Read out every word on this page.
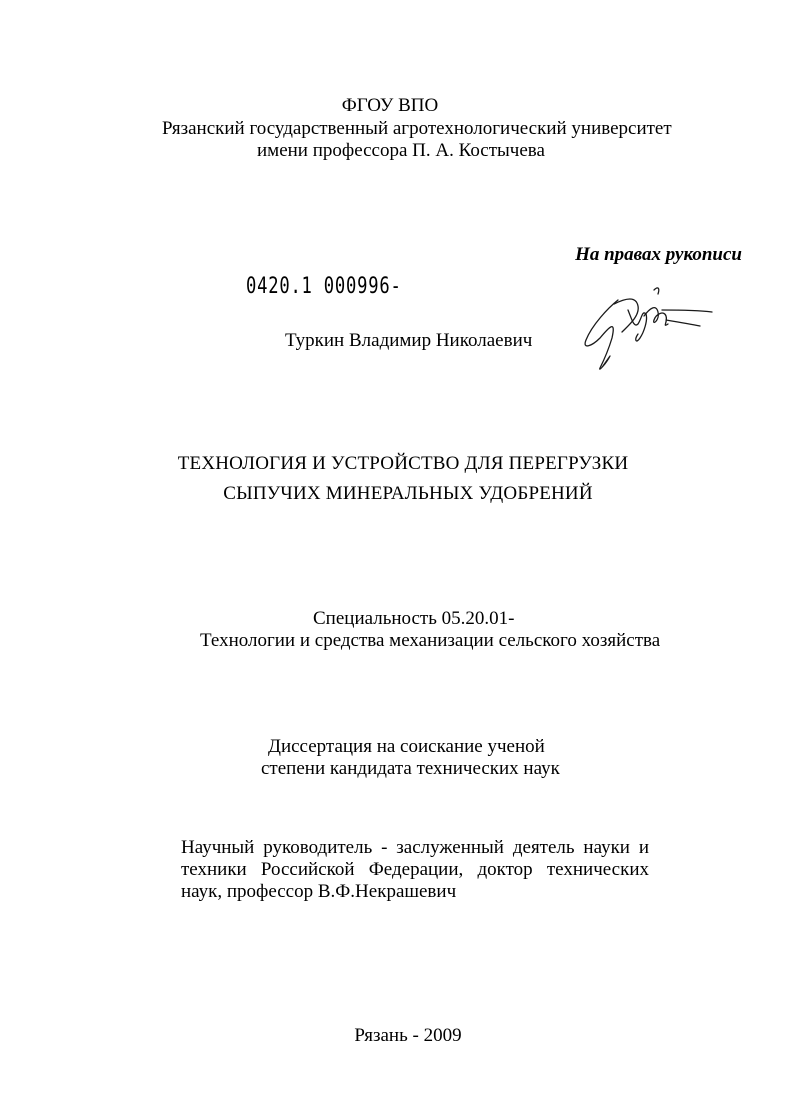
ФГОУ ВПО
Рязанский государственный агротехнологический университет
имени профессора П. А. Костычева
На правах рукописи
0420.1 000996-
Туркин Владимир Николаевич
ТЕХНОЛОГИЯ И УСТРОЙСТВО ДЛЯ ПЕРЕГРУЗКИ
СЫПУЧИХ МИНЕРАЛЬНЫХ УДОБРЕНИЙ
Специальность 05.20.01-
Технологии и средства механизации сельского хозяйства
Диссертация на соискание ученой
степени кандидата технических наук
Научный руководитель - заслуженный деятель науки и
техники Российской Федерации, доктор технических
наук, профессор В.Ф.Некрашевич
Рязань - 2009
